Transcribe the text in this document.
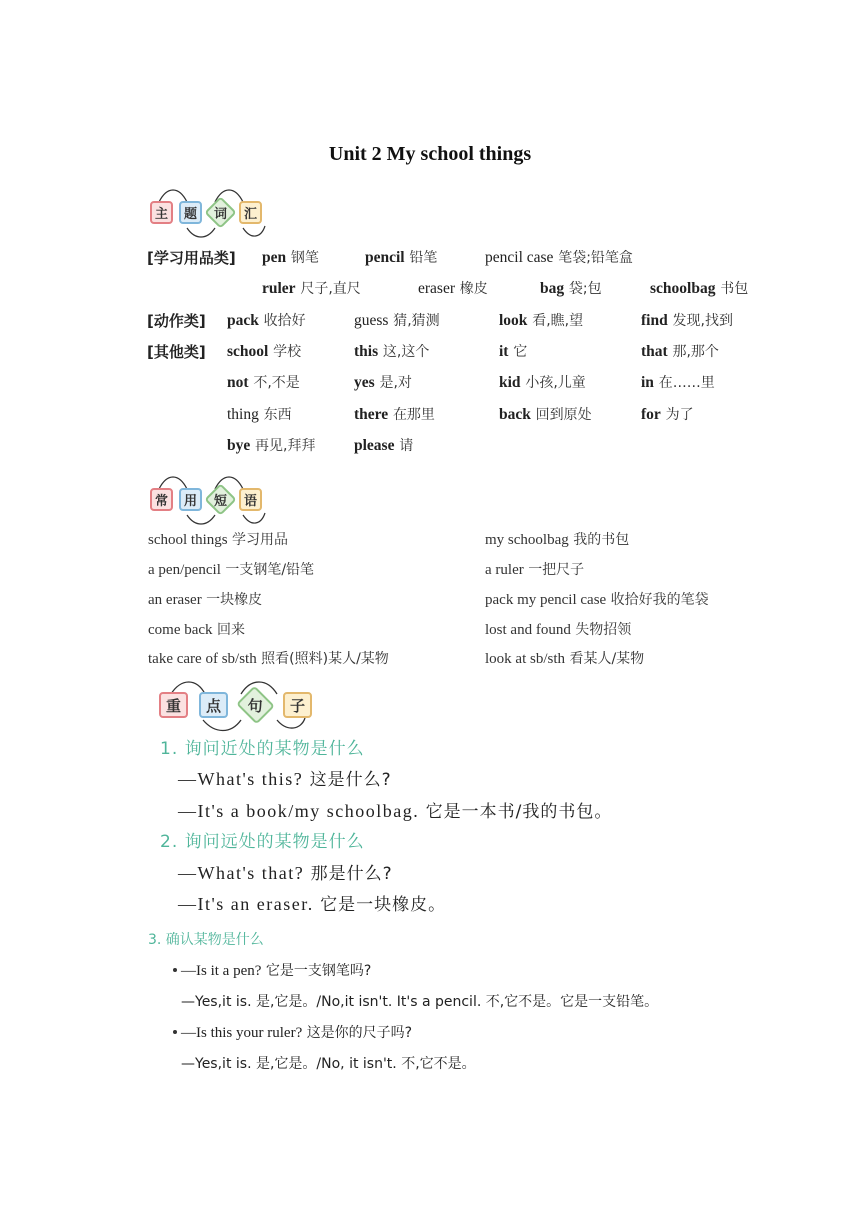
Unit 2 My school things
主 题 词 汇
[学习用品类] pen 钢笔	pencil 铅笔	pencil case 笔袋;铅笔盒
ruler 尺子,直尺	eraser 橡皮	bag 袋;包	schoolbag 书包
[动作类] pack 收拾好	guess 猜,猜测	look 看,瞧,望	find 发现,找到
[其他类] school 学校	this 这,这个	it 它	that 那,那个
not 不,不是	yes 是,对	kid 小孩,儿童	in 在……里
thing 东西	there 在那里	back 回到原处	for 为了
bye 再见,拜拜 please 请
常 用 短 语
school things 学习用品	my schoolbag 我的书包
a pen/pencil 一支钢笔/铅笔	a ruler 一把尺子
an eraser 一块橡皮	pack my pencil case 收拾好我的笔袋
come back 回来	lost and found 失物招领
take care of sb/sth 照看(照料)某人/某物	look at sb/sth 看某人/某物
重 点 句 子
1. 询问近处的某物是什么
—What's this? 这是什么?
—It's a book/my schoolbag. 它是一本书/我的书包。
2. 询问远处的某物是什么
—What's that? 那是什么?
—It's an eraser. 它是一块橡皮。
3. 确认某物是什么
—Is it a pen? 它是一支钢笔吗?
—Yes,it is. 是,它是。/No,it isn't. It's a pencil. 不,它不是。它是一支铅笔。
—Is this your ruler? 这是你的尺子吗?
—Yes,it is. 是,它是。/No, it isn't. 不,它不是。
